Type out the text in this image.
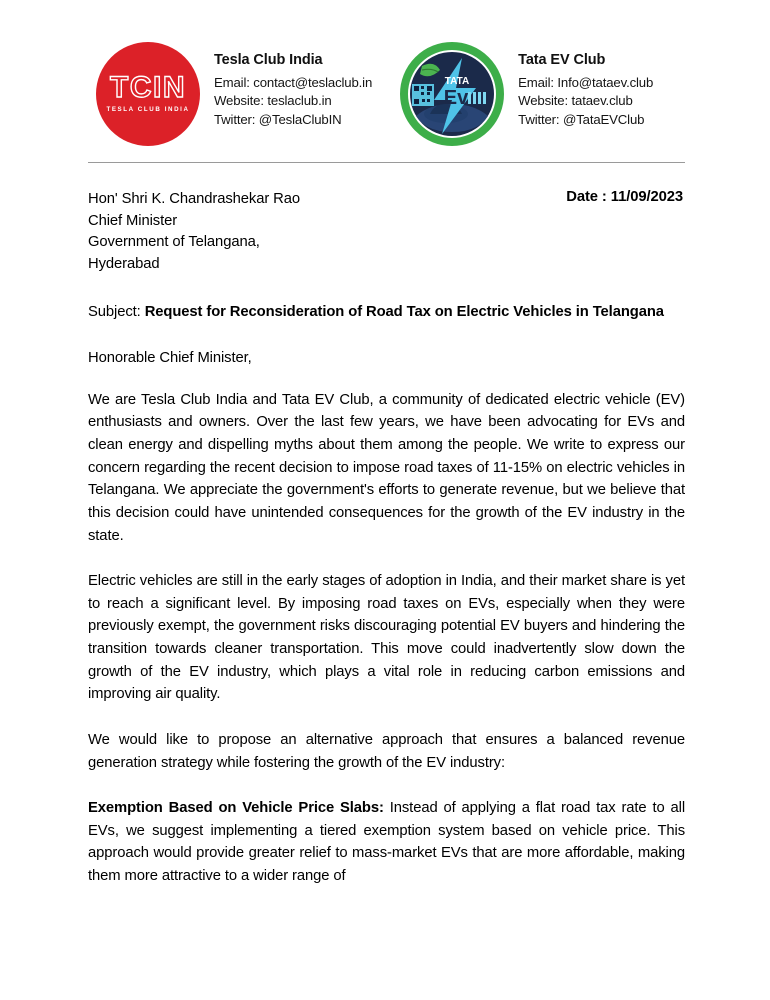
TCIN
TESLA CLUB INDIA
Tesla Club India
Email: contact@teslaclub.in
Website: teslaclub.in
Twitter: @TeslaClubIN
TATA
Ev
Tata EV Club
Email: Info@tataev.club
Website: tataev.club
Twitter: @TataEVClub
Hon' Shri K. Chandrashekar Rao
Chief Minister
Government of Telangana,
Hyderabad
Date : 11/09/2023
Subject: Request for Reconsideration of Road Tax on Electric Vehicles in Telangana
Honorable Chief Minister,

We are Tesla Club India and Tata EV Club, a community of dedicated electric vehicle (EV) enthusiasts and owners. Over the last few years, we have been advocating for EVs and clean energy and dispelling myths about them among the people. We write to express our concern regarding the recent decision to impose road taxes of 11-15% on electric vehicles in Telangana. We appreciate the government's efforts to generate revenue, but we believe that this decision could have unintended consequences for the growth of the EV industry in the state.

Electric vehicles are still in the early stages of adoption in India, and their market share is yet to reach a significant level. By imposing road taxes on EVs, especially when they were previously exempt, the government risks discouraging potential EV buyers and hindering the transition towards cleaner transportation. This move could inadvertently slow down the growth of the EV industry, which plays a vital role in reducing carbon emissions and improving air quality.

We would like to propose an alternative approach that ensures a balanced revenue generation strategy while fostering the growth of the EV industry:

Exemption Based on Vehicle Price Slabs: Instead of applying a flat road tax rate to all EVs, we suggest implementing a tiered exemption system based on vehicle price. This approach would provide greater relief to mass-market EVs that are more affordable, making them more attractive to a wider range of
